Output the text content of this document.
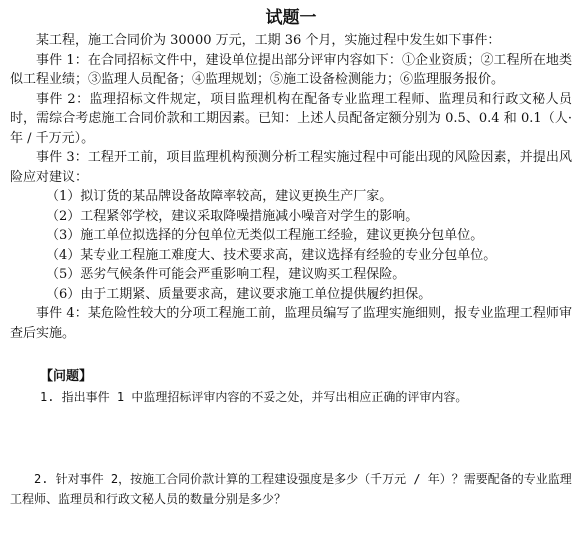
试题一

某工程，施工合同价为 30000 万元，工期 36 个月，实施过程中发生如下事件：

事件 1：在合同招标文件中，建设单位提出部分评审内容如下：①企业资质；②工程所在地类似工程业绩；③监理人员配备；④监理规划；⑤施工设备检测能力；⑥监理服务报价。

事件 2：监理招标文件规定，项目监理机构在配备专业监理工程师、监理员和行政文秘人员时，需综合考虑施工合同价款和工期因素。已知：上述人员配备定额分别为 0.5、0.4 和 0.1（人·年 / 千万元）。

事件 3：工程开工前，项目监理机构预测分析工程实施过程中可能出现的风险因素，并提出风险应对建议：

（1）拟订货的某品牌设备故障率较高，建议更换生产厂家。
（2）工程紧邻学校，建议采取降噪措施减小噪音对学生的影响。
（3）施工单位拟选择的分包单位无类似工程施工经验，建议更换分包单位。
（4）某专业工程施工难度大、技术要求高，建议选择有经验的专业分包单位。
（5）恶劣气候条件可能会严重影响工程，建议购买工程保险。
（6）由于工期紧、质量要求高，建议要求施工单位提供履约担保。

事件 4：某危险性较大的分项工程施工前，监理员编写了监理实施细则，报专业监理工程师审查后实施。

【问题】
1. 指出事件 1 中监理招标评审内容的不妥之处，并写出相应正确的评审内容。
2. 针对事件 2，按施工合同价款计算的工程建设强度是多少（千万元 / 年）？需要配备的专业监理工程师、监理员和行政文秘人员的数量分别是多少？
